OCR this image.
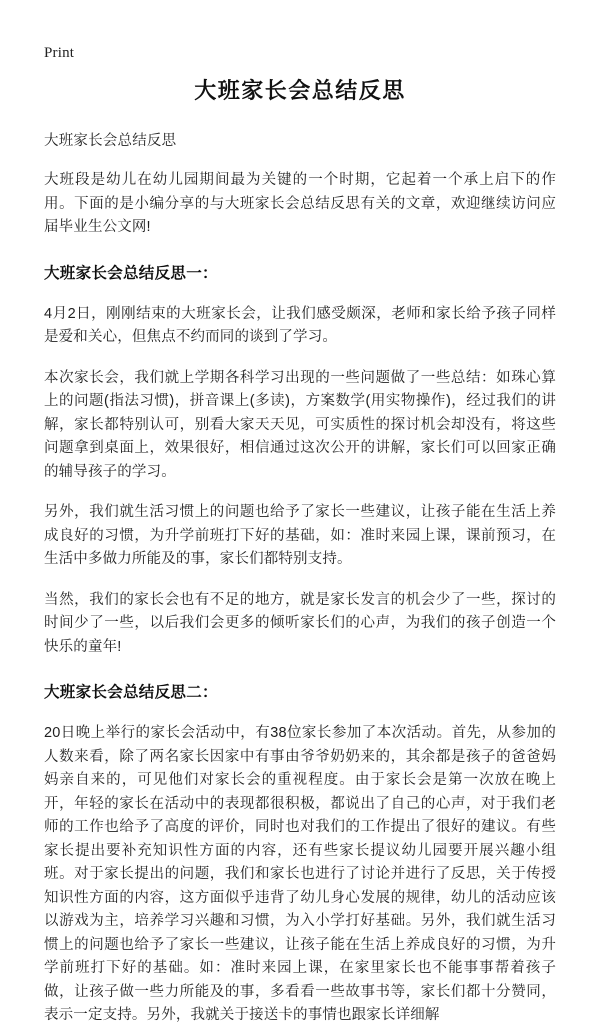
Print
大班家长会总结反思
大班家长会总结反思

大班段是幼儿在幼儿园期间最为关键的一个时期，它起着一个承上启下的作用。下面的是小编分享的与大班家长会总结反思有关的文章，欢迎继续访问应届毕业生公文网!

大班家长会总结反思一：

4月2日，刚刚结束的大班家长会，让我们感受颇深，老师和家长给予孩子同样是爱和关心，但焦点不约而同的谈到了学习。

本次家长会，我们就上学期各科学习出现的一些问题做了一些总结：如珠心算上的问题(指法习惯)，拼音课上(多读)，方案数学(用实物操作)，经过我们的讲解，家长都特别认可，别看大家天天见，可实质性的探讨机会却没有，将这些问题拿到桌面上，效果很好，相信通过这次公开的讲解，家长们可以回家正确的辅导孩子的学习。

另外，我们就生活习惯上的问题也给予了家长一些建议，让孩子能在生活上养成良好的习惯，为升学前班打下好的基础，如：准时来园上课，课前预习，在生活中多做力所能及的事，家长们都特别支持。

当然，我们的家长会也有不足的地方，就是家长发言的机会少了一些，探讨的时间少了一些，以后我们会更多的倾听家长们的心声，为我们的孩子创造一个快乐的童年!

大班家长会总结反思二：

20日晚上举行的家长会活动中，有38位家长参加了本次活动。首先，从参加的人数来看，除了两名家长因家中有事由爷爷奶奶来的，其余都是孩子的爸爸妈妈亲自来的，可见他们对家长会的重视程度。由于家长会是第一次放在晚上开，年轻的家长在活动中的表现都很积极，都说出了自己的心声，对于我们老师的工作也给予了高度的评价，同时也对我们的工作提出了很好的建议。有些家长提出要补充知识性方面的内容，还有些家长提议幼儿园要开展兴趣小组班。对于家长提出的问题，我们和家长也进行了讨论并进行了反思，关于传授知识性方面的内容，这方面似乎违背了幼儿身心发展的规律，幼儿的活动应该以游戏为主，培养学习兴趣和习惯，为入小学打好基础。另外，我们就生活习惯上的问题也给予了家长一些建议，让孩子能在生活上养成良好的习惯，为升学前班打下好的基础。如：准时来园上课，在家里家长也不能事事帮着孩子做，让孩子做一些力所能及的事，多看看一些故事书等，家长们都十分赞同，表示一定支持。另外，我就关于接送卡的事情也跟家长详细解
